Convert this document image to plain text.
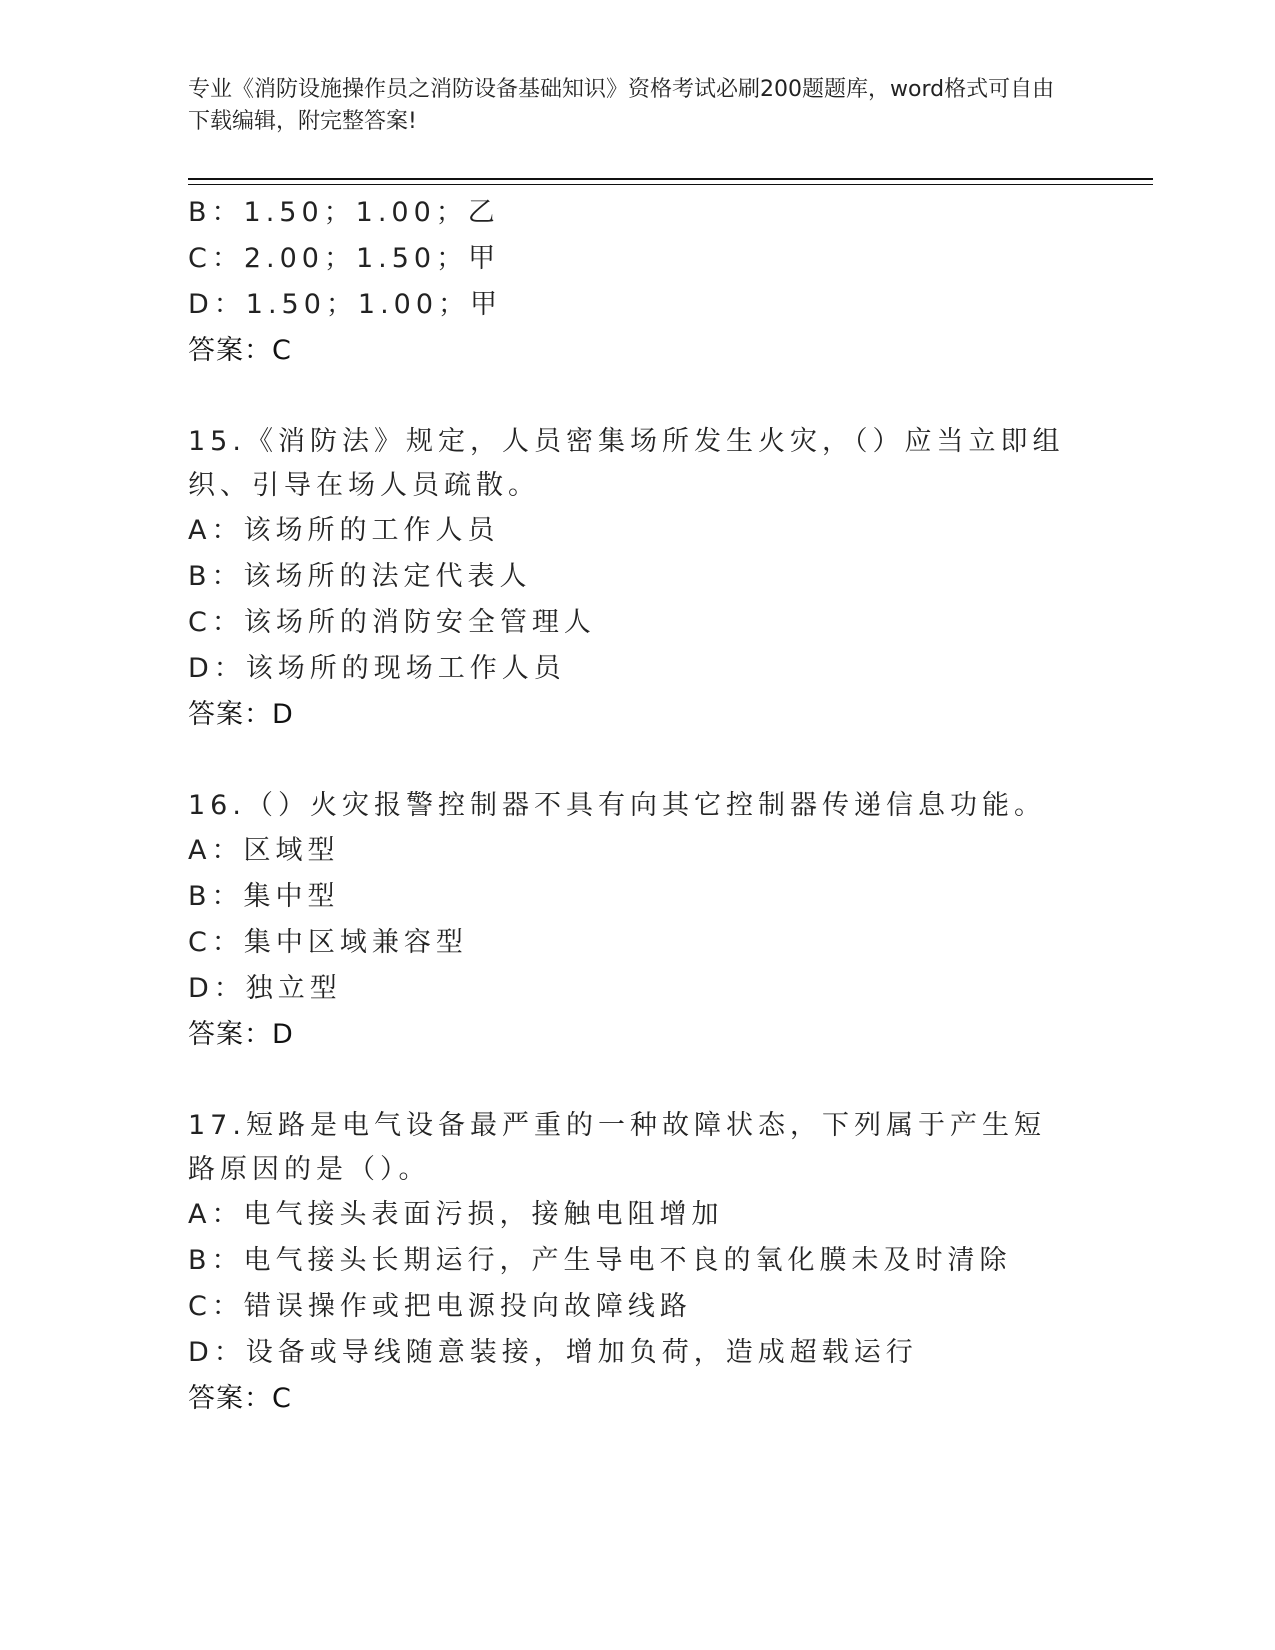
专业《消防设施操作员之消防设备基础知识》资格考试必刷200题题库，word格式可自由下载编辑，附完整答案!
B：1.50；1.00；乙
C：2.00；1.50；甲
D：1.50；1.00；甲
答案：C
15.《消防法》规定，人员密集场所发生火灾，（）应当立即组织、引导在场人员疏散。
A：该场所的工作人员
B：该场所的法定代表人
C：该场所的消防安全管理人
D：该场所的现场工作人员
答案：D
16.（）火灾报警控制器不具有向其它控制器传递信息功能。
A：区域型
B：集中型
C：集中区域兼容型
D：独立型
答案：D
17.短路是电气设备最严重的一种故障状态，下列属于产生短路原因的是（）。
A：电气接头表面污损，接触电阻增加
B：电气接头长期运行，产生导电不良的氧化膜未及时清除
C：错误操作或把电源投向故障线路
D：设备或导线随意装接，增加负荷，造成超载运行
答案：C
